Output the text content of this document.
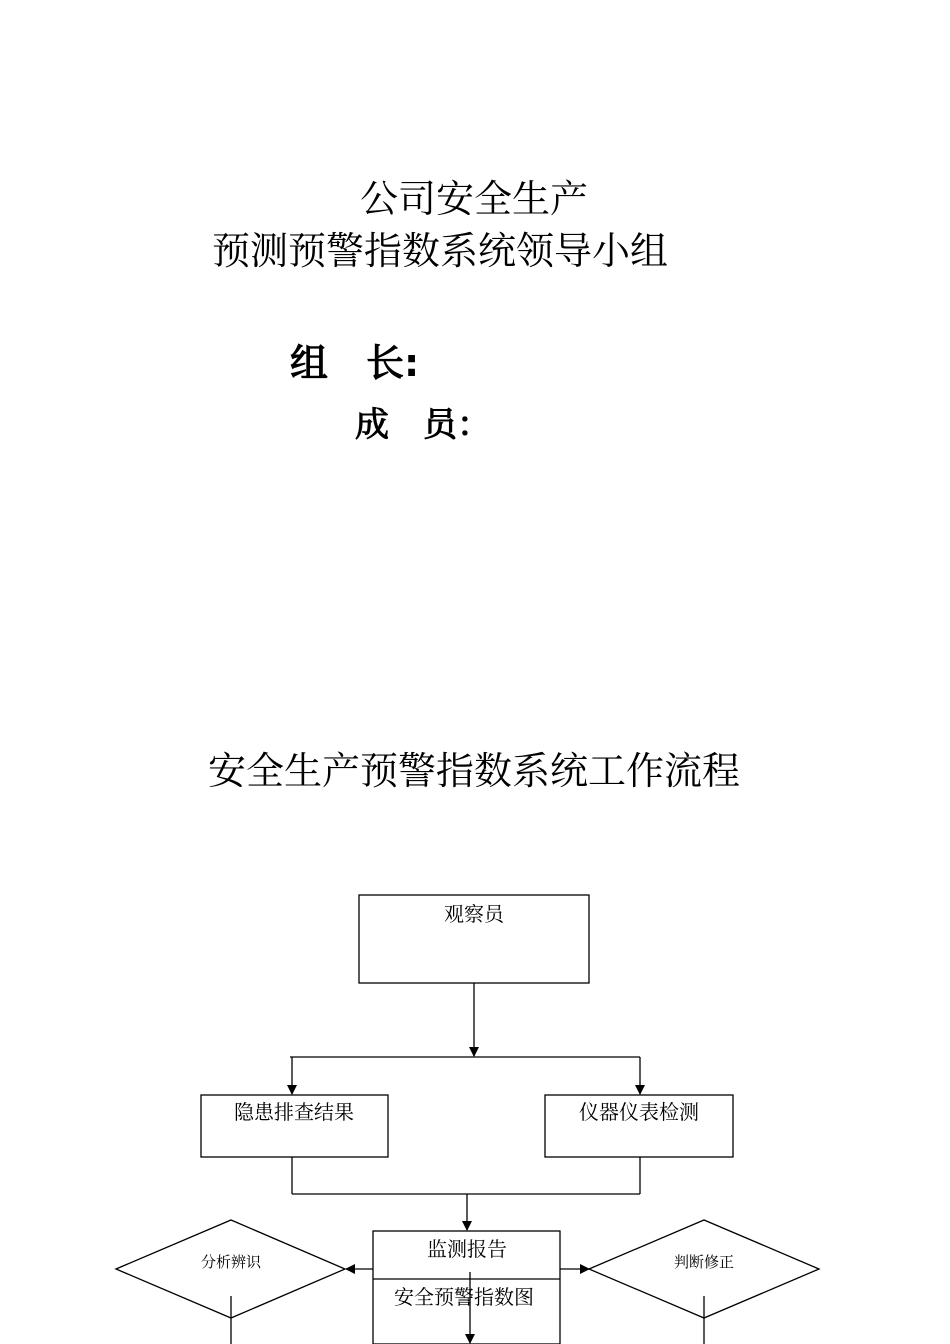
公司安全生产
预测预警指数系统领导小组
组　长:
成　员：
安全生产预警指数系统工作流程
观察员
隐患排查结果	仪器仪表检测
监测报告
安全预警指数图
分析辨识	判断修正
